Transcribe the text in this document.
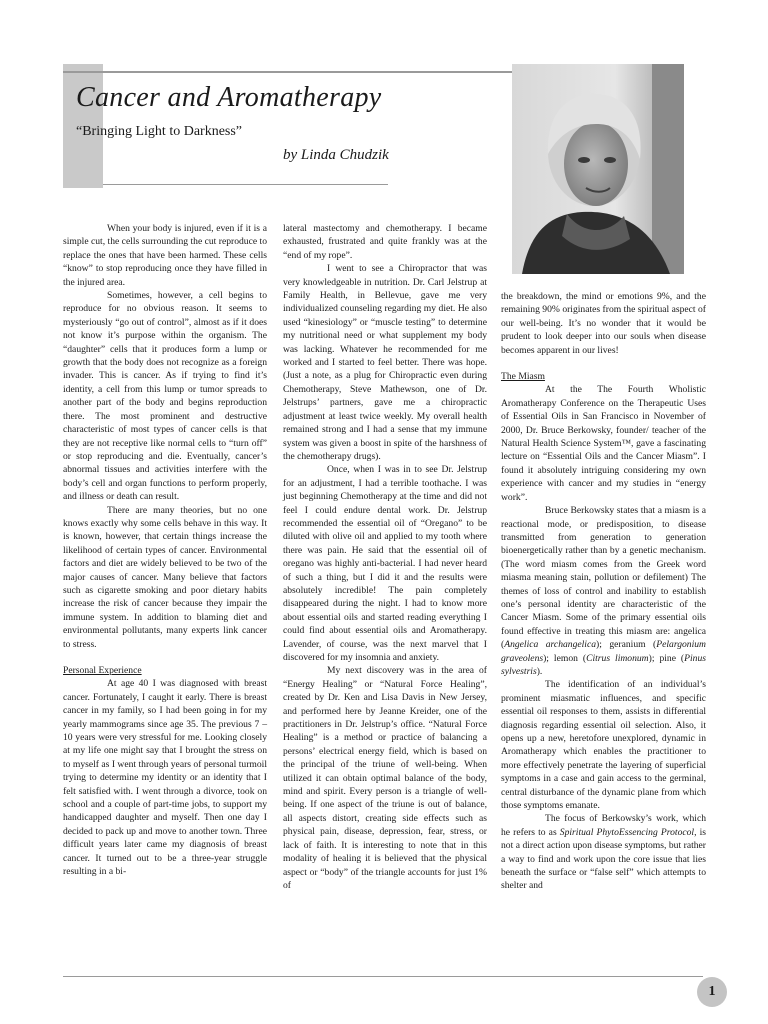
Cancer and Aromatherapy
“Bringing Light to Darkness”
by Linda Chudzik

When your body is injured, even if it is a simple cut, the cells surrounding the cut reproduce to replace the ones that have been harmed. These cells “know” to stop reproducing once they have filled in the injured area.

Sometimes, however, a cell begins to reproduce for no obvious reason. It seems to mysteriously “go out of control”, almost as if it does not know it’s purpose within the organism. The “daughter” cells that it produces form a lump or growth that the body does not recognize as a foreign invader. This is cancer. As if trying to find it’s identity, a cell from this lump or tumor spreads to another part of the body and begins reproduction there. The most prominent and destructive characteristic of most types of cancer cells is that they are not receptive like normal cells to “turn off” or stop reproducing and die. Eventually, cancer’s abnormal tissues and activities interfere with the body’s cell and organ functions to perform properly, and illness or death can result.

There are many theories, but no one knows exactly why some cells behave in this way. It is known, however, that certain things increase the likelihood of certain types of cancer. Environmental factors and diet are widely believed to be two of the major causes of cancer. Many believe that factors such as cigarette smoking and poor dietary habits increase the risk of cancer because they impair the immune system. In addition to blaming diet and environmental pollutants, many experts link cancer to stress.

Personal Experience

At age 40 I was diagnosed with breast cancer. Fortunately, I caught it early. There is breast cancer in my family, so I had been going in for my yearly mammograms since age 35. The previous 7 – 10 years were very stressful for me. Looking closely at my life one might say that I brought the stress on to myself as I went through years of personal turmoil trying to determine my identity or an identity that I felt satisfied with. I went through a divorce, took on school and a couple of part-time jobs, to support my handicapped daughter and myself. Then one day I decided to pack up and move to another town. Three difficult years later came my diagnosis of breast cancer. It turned out to be a three-year struggle resulting in a bi-

lateral mastectomy and chemotherapy. I became exhausted, frustrated and quite frankly was at the “end of my rope”.

I went to see a Chiropractor that was very knowledgeable in nutrition. Dr. Carl Jelstrup at Family Health, in Bellevue, gave me very individualized counseling regarding my diet. He also used “kinesiology” or “muscle testing” to determine my nutritional need or what supplement my body was lacking. Whatever he recommended for me worked and I started to feel better. There was hope. (Just a note, as a plug for Chiropractic even during Chemotherapy, Steve Mathewson, one of Dr. Jelstrups’ partners, gave me a chiropractic adjustment at least twice weekly. My overall health remained strong and I had a sense that my immune system was given a boost in spite of the harshness of the chemotherapy drugs).

Once, when I was in to see Dr. Jelstrup for an adjustment, I had a terrible toothache. I was just beginning Chemotherapy at the time and did not feel I could endure dental work. Dr. Jelstrup recommended the essential oil of “Oregano” to be diluted with olive oil and applied to my tooth where there was pain. He said that the essential oil of oregano was highly anti-bacterial. I had never heard of such a thing, but I did it and the results were absolutely incredible! The pain completely disappeared during the night. I had to know more about essential oils and started reading everything I could find about essential oils and Aromatherapy. Lavender, of course, was the next marvel that I discovered for my insomnia and anxiety.

My next discovery was in the area of “Energy Healing” or “Natural Force Healing”, created by Dr. Ken and Lisa Davis in New Jersey, and performed here by Jeanne Kreider, one of the practitioners in Dr. Jelstrup’s office. “Natural Force Healing” is a method or practice of balancing a persons’ electrical energy field, which is based on the principal of the triune of well-being. When utilized it can obtain optimal balance of the body, mind and spirit. Every person is a triangle of well-being. If one aspect of the triune is out of balance, all aspects distort, creating side effects such as physical pain, disease, depression, fear, stress, or lack of faith. It is interesting to note that in this modality of healing it is believed that the physical aspect or “body” of the triangle accounts for just 1% of

the breakdown, the mind or emotions 9%, and the remaining 90% originates from the spiritual aspect of our well-being. It’s no wonder that it would be prudent to look deeper into our souls when disease becomes apparent in our lives!

The Miasm

At the The Fourth Wholistic Aromatherapy Conference on the Therapeutic Uses of Essential Oils in San Francisco in November of 2000, Dr. Bruce Berkowsky, founder/ teacher of the Natural Health Science System™, gave a fascinating lecture on “Essential Oils and the Cancer Miasm”. I found it absolutely intriguing considering my own experience with cancer and my studies in “energy work”.

Bruce Berkowsky states that a miasm is a reactional mode, or predisposition, to disease transmitted from generation to generation bioenergetically rather than by a genetic mechanism. (The word miasm comes from the Greek word miasma meaning stain, pollution or defilement) The themes of loss of control and inability to establish one’s personal identity are characteristic of the Cancer Miasm. Some of the primary essential oils found effective in treating this miasm are: angelica (Angelica archangelica); geranium (Pelargonium graveolens); lemon (Citrus limonum); pine (Pinus sylvestris).

The identification of an individual’s prominent miasmatic influences, and specific essential oil responses to them, assists in differential diagnosis regarding essential oil selection. Also, it opens up a new, heretofore unexplored, dynamic in Aromatherapy which enables the practitioner to more effectively penetrate the layering of superficial symptoms in a case and gain access to the germinal, central disturbance of the dynamic plane from which those symptoms emanate.

The focus of Berkowsky’s work, which he refers to as Spiritual PhytoEssencing Protocol, is not a direct action upon disease symptoms, but rather a way to find and work upon the core issue that lies beneath the surface or “false self” which attempts to shelter and

1
